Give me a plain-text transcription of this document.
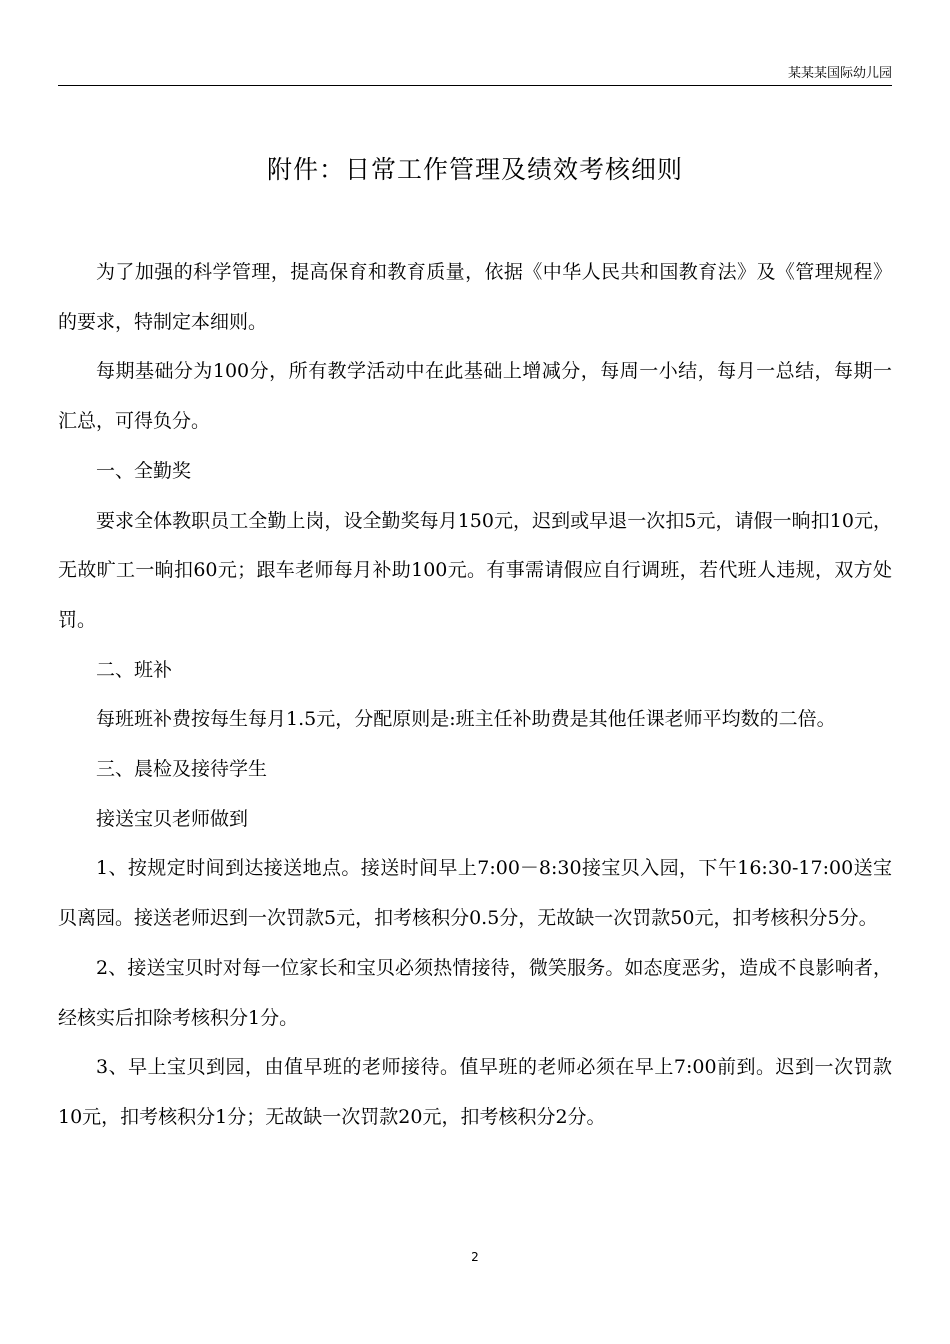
某某某国际幼儿园
附件：日常工作管理及绩效考核细则

为了加强的科学管理，提高保育和教育质量，依据《中华人民共和国教育法》及《管理规程》的要求，特制定本细则。

每期基础分为100分，所有教学活动中在此基础上增减分，每周一小结，每月一总结，每期一汇总，可得负分。

一、全勤奖

要求全体教职员工全勤上岗，设全勤奖每月150元，迟到或早退一次扣5元，请假一晌扣10元，无故旷工一晌扣60元；跟车老师每月补助100元。有事需请假应自行调班，若代班人违规，双方处罚。

二、班补

每班班补费按每生每月1.5元，分配原则是:班主任补助费是其他任课老师平均数的二倍。

三、晨检及接待学生

接送宝贝老师做到

1、按规定时间到达接送地点。接送时间早上7:00－8:30接宝贝入园，下午16:30-17:00送宝贝离园。接送老师迟到一次罚款5元，扣考核积分0.5分，无故缺一次罚款50元，扣考核积分5分。

2、接送宝贝时对每一位家长和宝贝必须热情接待，微笑服务。如态度恶劣，造成不良影响者，经核实后扣除考核积分1分。

3、早上宝贝到园，由值早班的老师接待。值早班的老师必须在早上7:00前到。迟到一次罚款10元，扣考核积分1分；无故缺一次罚款20元，扣考核积分2分。

2
